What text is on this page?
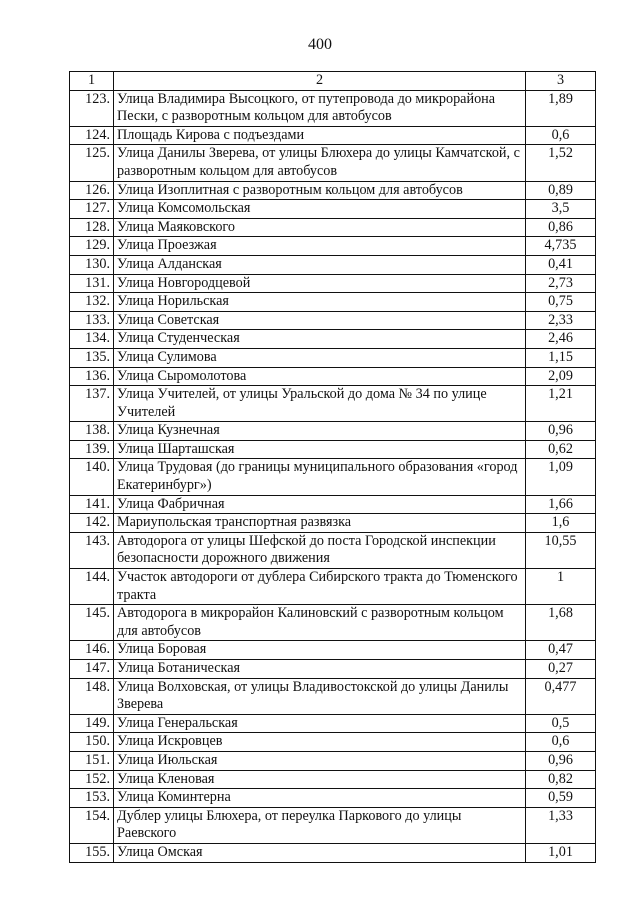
400
1	2	3
123.	Улица Владимира Высоцкого, от путепровода до микрорайона Пески, с разворотным кольцом для автобусов	1,89
124.	Площадь Кирова с подъездами	0,6
125.	Улица Данилы Зверева, от улицы Блюхера до улицы Камчатской, с разворотным кольцом для автобусов	1,52
126.	Улица Изоплитная с разворотным кольцом для автобусов	0,89
127.	Улица Комсомольская	3,5
128.	Улица Маяковского	0,86
129.	Улица Проезжая	4,735
130.	Улица Алданская	0,41
131.	Улица Новгородцевой	2,73
132.	Улица Норильская	0,75
133.	Улица Советская	2,33
134.	Улица Студенческая	2,46
135.	Улица Сулимова	1,15
136.	Улица Сыромолотова	2,09
137.	Улица Учителей, от улицы Уральской до дома № 34 по улице Учителей	1,21
138.	Улица Кузнечная	0,96
139.	Улица Шарташская	0,62
140.	Улица Трудовая (до границы муниципального образования «город Екатеринбург»)	1,09
141.	Улица Фабричная	1,66
142.	Мариупольская транспортная развязка	1,6
143.	Автодорога от улицы Шефской до поста Городской инспекции безопасности дорожного движения	10,55
144.	Участок автодороги от дублера Сибирского тракта до Тюменского тракта	1
145.	Автодорога в микрорайон Калиновский с разворотным кольцом для автобусов	1,68
146.	Улица Боровая	0,47
147.	Улица Ботаническая	0,27
148.	Улица Волховская, от улицы Владивостокской до улицы Данилы Зверева	0,477
149.	Улица Генеральская	0,5
150.	Улица Искровцев	0,6
151.	Улица Июльская	0,96
152.	Улица Кленовая	0,82
153.	Улица Коминтерна	0,59
154.	Дублер улицы Блюхера, от переулка Паркового до улицы Раевского	1,33
155.	Улица Омская	1,01
